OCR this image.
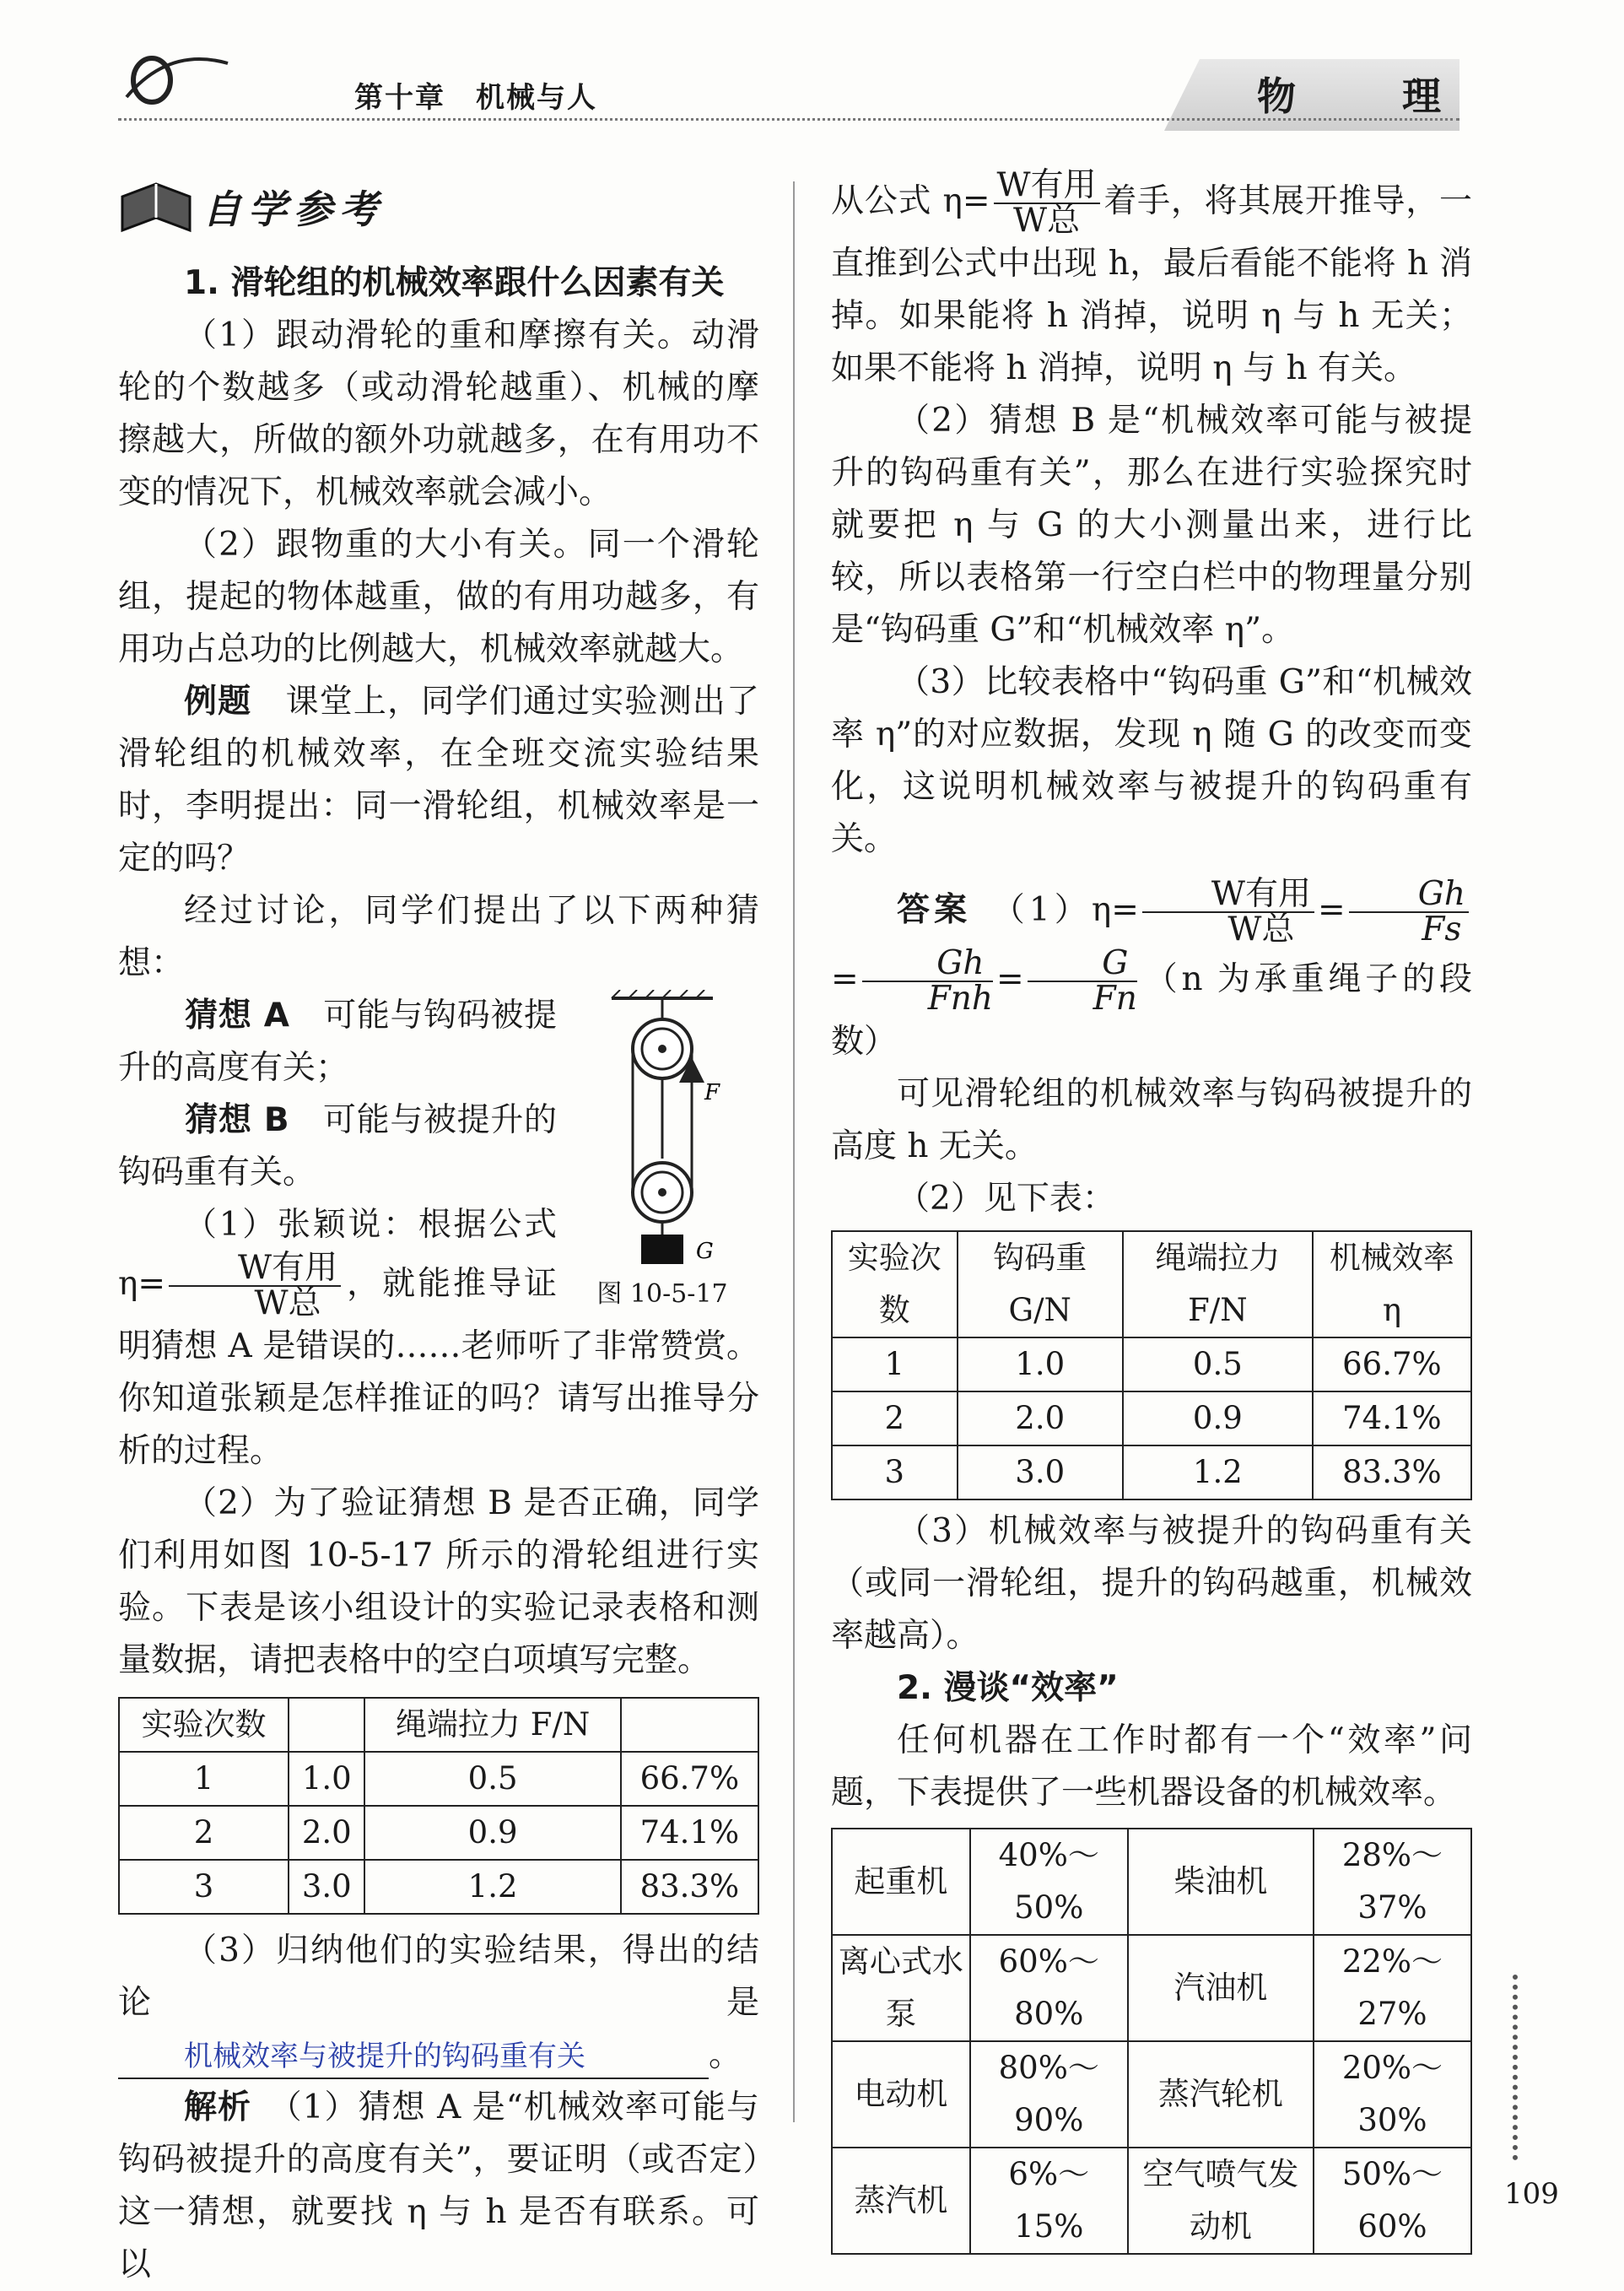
第十章　机械与人	物　理
自学参考

1. 滑轮组的机械效率跟什么因素有关

（1）跟动滑轮的重和摩擦有关。动滑轮的个数越多（或动滑轮越重）、机械的摩擦越大，所做的额外功就越多，在有用功不变的情况下，机械效率就会减小。

（2）跟物重的大小有关。同一个滑轮组，提起的物体越重，做的有用功越多，有用功占总功的比例越大，机械效率就越大。

例题　 课堂上，同学们通过实验测出了滑轮组的机械效率，在全班交流实验结果时，李明提出：同一滑轮组，机械效率是一定的吗？

经过讨论，同学们提出了以下两种猜想：

F
G
图 10-5-17

　　猜想 A　 可能与钩码被提升的高度有关；

　　猜想 B　 可能与被提升的钩码重有关。

（1）张颖说：根据公式 $\eta= \frac{\text{W有用}}{\text{W总}}$ ，就能推导证明猜想 A 是错误的……老师听了非常赞赏。你知道张颖是怎样推证的吗？请写出推导分析的过程。

（2）为了验证猜想 B 是否正确，同学们利用如图 10-5-17 所示的滑轮组进行实验。下表是该小组设计的实验记录表格和测量数据，请把表格中的空白项填写完整。

实验次数		绳端拉力 F/N	
1	1.0	0.5	66.7%
2	2.0	0.9	74.1%
3	3.0	1.2	83.3%

（3）归纳他们的实验结果，得出的结论是机械效率与被提升的钩码重有关	。

解析　 （1）猜想 A 是“机械效率可能与钩码被提升的高度有关”，要证明（或否定）这一猜想，就要找 η 与 h 是否有联系。可以

从公式 $\eta= \frac{\text{W有用}}{\text{W总}}$ 着手，将其展开推导，一直推到公式中出现 h，最后看能不能将 h 消掉。如果能将 h 消掉，说明 η 与 h 无关；如果不能将 h 消掉，说明 η 与 h 有关。

（2）猜想 B 是“机械效率可能与被提升的钩码重有关”，那么在进行实验探究时就要把 η 与 G 的大小测量出来，进行比较，所以表格第一行空白栏中的物理量分别是“钩码重 G”和“机械效率 η”。

（3）比较表格中“钩码重 G”和“机械效率 η”的对应数据，发现 η 随 G 的改变而变化，这说明机械效率与被提升的钩码重有关。

答案　 $(1)\eta= \frac{\text{W有用}}{\text{W总}} = \frac{Gh}{Fs}$
= $\frac{Gh}{\text{Fnh}} = \frac{G}{Fn} (n$ 为承重绳子的段数）

可见滑轮组的机械效率与钩码被提升的高度 h 无关。

（2）见下表：

实验次数	钩码重 G/N	绳端拉力 F/N	机械效率 η
1	1.0	0.5	66.7%
2	2.0	0.9	74.1%
3	3.0	1.2	83.3%

（3）机械效率与被提升的钩码重有关（或同一滑轮组，提升的钩码越重，机械效率越高）。

2. 漫谈“效率”

任何机器在工作时都有一个“效率”问题，下表提供了一些机器设备的机械效率。

起重机	40%～50%	柴油机	28%～37%
离心式水泵	60%～80%	汽油机	22%～27%
电动机	80%～90%	蒸汽轮机	20%～30%
蒸汽机	6%～15%	空气喷气发动机	50%～60%
109
